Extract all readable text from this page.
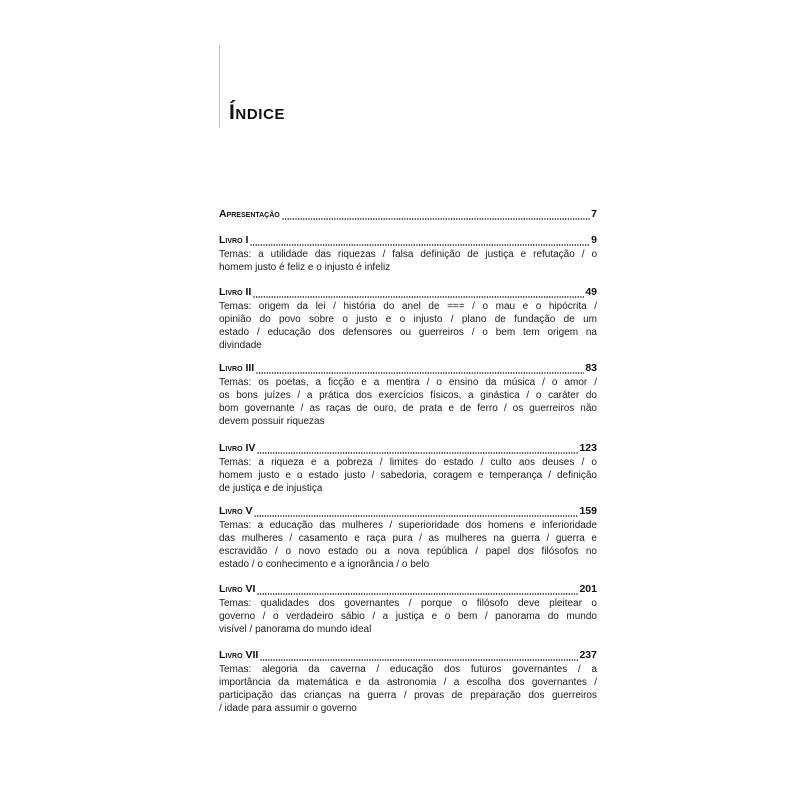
Índice
Apresentação	7
Livro I	9
Temas: a utilidade das riquezas / falsa definição de justiça e refutação / o
homem justo é feliz e o injusto é infeliz
Livro II	49
Temas: origem da lei / história do anel de === / o mau e o hipócrita /
opinião do povo sobre o justo e o injusto / plano de fundação de um
estado / educação dos defensores ou guerreiros / o bem tem origem na
divindade
Livro III	83
Temas: os poetas, a ficção e a mentira / o ensino da música / o amor /
os bons juízes / a prática dos exercícios físicos, a ginástica / o caráter do
bom governante / as raças de ouro, de prata e de ferro / os guerreiros não
devem possuir riquezas
Livro IV	123
Temas: a riqueza e a pobreza / limites do estado / culto aos deuses / o
homem justo e o estado justo / sabedoria, coragem e temperança / definição
de justiça e de injustiça
Livro V	159
Temas: a educação das mulheres / superioridade dos homens e inferioridade
das mulheres / casamento e raça pura / as mulheres na guerra / guerra e
escravidão / o novo estado ou a nova república / papel dos filósofos no
estado / o conhecimento e a ignorância / o belo
Livro VI	201
Temas: qualidades dos governantes / porque o filósofo deve pleitear o
governo / o verdadeiro sábio / a justiça e o bem / panorama do mundo
visível / panorama do mundo ideal
Livro VII	237
Temas: alegoria da caverna / educação dos futuros governantes / a
importância da matemática e da astronomia / a escolha dos governantes /
participação das crianças na guerra / provas de preparação dos guerreiros
/ idade para assumir o governo
